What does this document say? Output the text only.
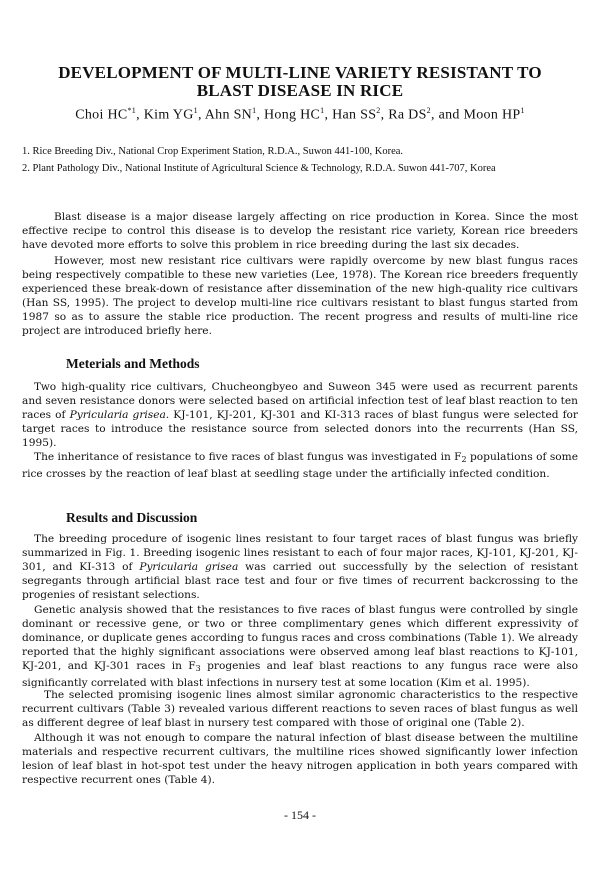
DEVELOPMENT OF MULTI-LINE VARIETY RESISTANT TO
BLAST DISEASE IN RICE
Choi HC$^{*1}$, Kim $YG^1$, Ahn $SN^1$, Hong $HC^1$, Han $SS^2$, Ra $DS^2$, and Moon $HP^1$
1. Rice Breeding Div., National Crop Experiment Station, R.D.A., Suwon 441-100, Korea.
2. Plant Pathology Div., National Institute of Agricultural Science & Technology, R.D.A. Suwon 441-707, Korea

Blast disease is a major disease largely affecting on rice production in Korea. Since the most effective recipe to control this disease is to develop the resistant rice variety, Korean rice breeders have devoted more efforts to solve this problem in rice breeding during the last six decades.

However, most new resistant rice cultivars were rapidly overcome by new blast fungus races being respectively compatible to these new varieties (Lee, 1978). The Korean rice breeders frequently experienced these break-down of resistance after dissemination of the new high-quality rice cultivars (Han SS, 1995). The project to develop multi-line rice cultivars resistant to blast fungus started from 1987 so as to assure the stable rice production. The recent progress and results of multi-line rice project are introduced briefly here.

Meterials and Methods

Two high-quality rice cultivars, Chucheongbyeo and Suweon 345 were used as recurrent parents and seven resistance donors were selected based on artificial infection test of leaf blast reaction to ten races of Pyricularia grisea. KJ-101, KJ-201, KJ-301 and KI-313 races of blast fungus were selected for target races to introduce the resistance source from selected donors into the recurrents (Han SS, 1995).

The inheritance of resistance to five races of blast fungus was investigated in $F_2$ populations of some rice crosses by the reaction of leaf blast at seedling stage under the artificially infected condition.

Results and Discussion

The breeding procedure of isogenic lines resistant to four target races of blast fungus was briefly summarized in Fig. 1. Breeding isogenic lines resistant to each of four major races, KJ-101, KJ-201, KJ-301, and KI-313 of Pyricularia grisea was carried out successfully by the selection of resistant segregants through artificial blast race test and four or five times of recurrent backcrossing to the progenies of resistant selections.

Genetic analysis showed that the resistances to five races of blast fungus were controlled by single dominant or recessive gene, or two or three complimentary genes which different expressivity of dominance, or duplicate genes according to fungus races and cross combinations (Table 1). We already reported that the highly significant associations were observed among leaf blast reactions to KJ-101, KJ-201, and KJ-301 races in $F_3$ progenies and leaf blast reactions to any fungus race were also significantly correlated with blast infections in nursery test at some location (Kim et al. 1995).

The selected promising isogenic lines almost similar agronomic characteristics to the respective recurrent cultivars (Table 3) revealed various different reactions to seven races of blast fungus as well as different degree of leaf blast in nursery test compared with those of original one (Table 2).

Although it was not enough to compare the natural infection of blast disease between the multiline materials and respective recurrent cultivars, the multiline rices showed significantly lower infection lesion of leaf blast in hot-spot test under the heavy nitrogen application in both years compared with respective recurrent ones (Table 4).

- 154 -
